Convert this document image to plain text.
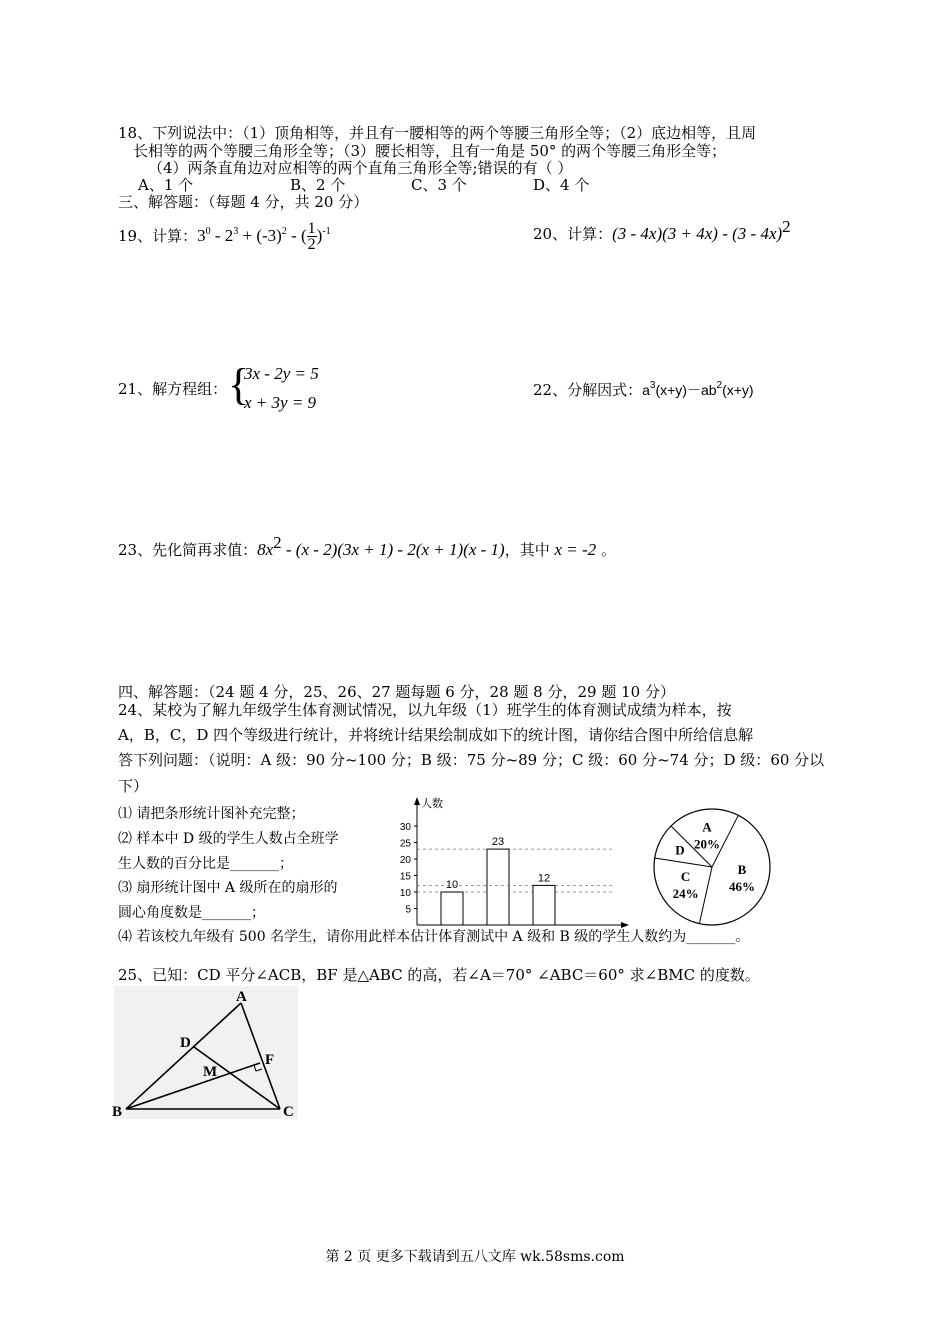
18、下列说法中：（1）顶角相等，并且有一腰相等的两个等腰三角形全等；（2）底边相等，且周
长相等的两个等腰三角形全等；（3）腰长相等，且有一角是 50° 的两个等腰三角形全等；
（4）两条直角边对应相等的两个直角三角形全等;错误的有（ ）
A、1 个	B、2 个	C、3 个	D、4 个
三、解答题：（每题 4 分，共 20 分）
19、计算： $3^0 - 2^3 + (-3)^2$ - ( $\frac{1}{2} )^{-1}$	20、计算：(3 - 4x)(3 + 4x) - (3 - 4x)$^2$
21、解方程组： {
3x - 2y = 5
x + 3y = 9
22、分解因式：$a^3(x+y)-ab^2(x+y)$
23、先化简再求值：$8x^2 - (x - 2)(3x + 1) - 2(x + 1)(x - 1)$，其中 x = -2 。
四、解答题：（24 题 4 分，25、26、27 题每题 6 分，28 题 8 分，29 题 10 分）
24、某校为了解九年级学生体育测试情况，以九年级（1）班学生的体育测试成绩为样本，按
A，B，C，D 四个等级进行统计，并将统计结果绘制成如下的统计图，请你结合图中所给信息解
答下列问题：（说明：A 级：90 分~100 分；B 级：75 分~89 分；C 级：60 分~74 分；D 级：60 分以
下）
⑴ 请把条形统计图补充完整；
⑵ 样本中 D 级的学生人数占全班学
生人数的百分比是_______；
⑶ 扇形统计图中 A 级所在的扇形的
圆心角度数是_______；
人数
5
10
15
20
25
30
10
23
12
B
46%
C
24%
D
A
20%
⑷ 若该校九年级有 500 名学生，请你用此样本估计体育测试中 A 级和 B 级的学生人数约为_______。
25、已知：CD 平分∠ACB，BF 是△ABC 的高，若∠A＝70° ∠ABC＝60° 求∠BMC 的度数。
A
B	C
D
F
M
第 2 页 更多下载请到五八文库 wk.58sms.com
